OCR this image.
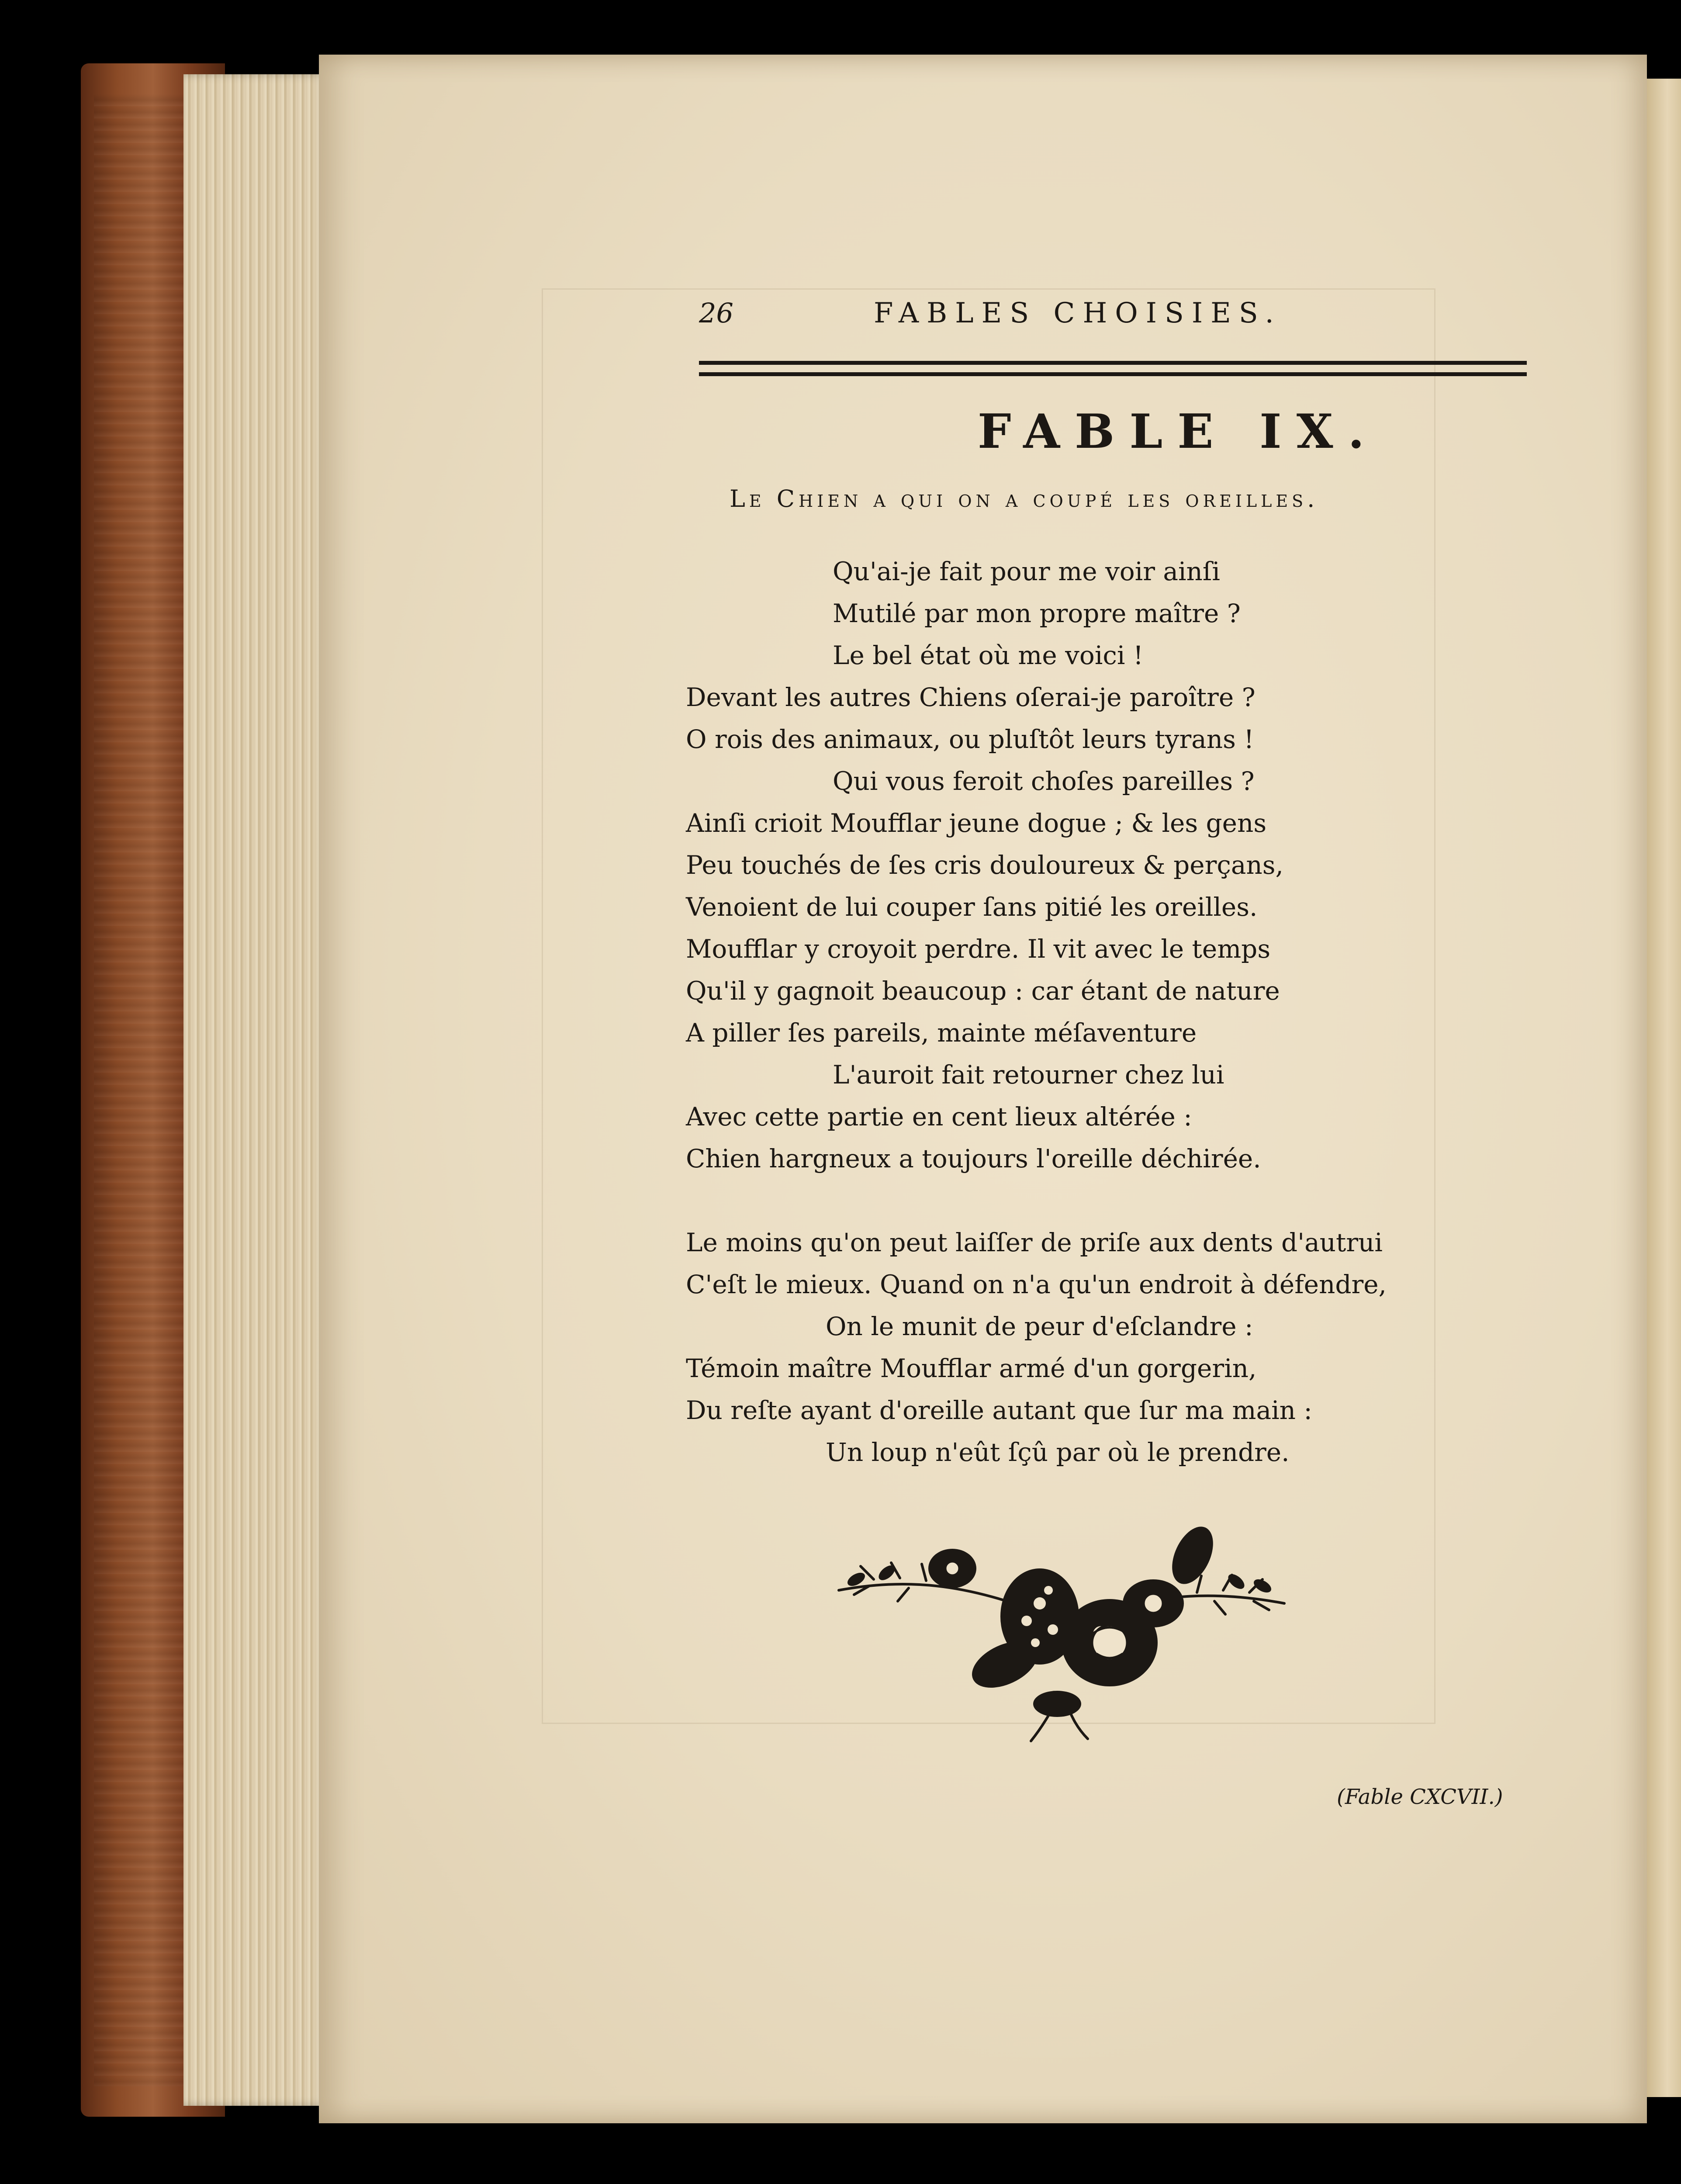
26	FABLES CHOISIES.
FABLE IX.
Le Chien a qui on a coupé les oreilles.
Qu'ai-je fait pour me voir ainſi
Mutilé par mon propre maître ?
Le bel état où me voici !
Devant les autres Chiens oſerai-je paroître ?
O rois des animaux, ou pluſtôt leurs tyrans !
Qui vous feroit choſes pareilles ?
Ainſi crioit Moufflar jeune dogue ; & les gens
Peu touchés de ſes cris douloureux & perçans,
Venoient de lui couper ſans pitié les oreilles.
Moufflar y croyoit perdre. Il vit avec le temps
Qu'il y gagnoit beaucoup : car étant de nature
A piller ſes pareils, mainte méſaventure
L'auroit fait retourner chez lui
Avec cette partie en cent lieux altérée :
Chien hargneux a toujours l'oreille déchirée.
Le moins qu'on peut laiſſer de priſe aux dents d'autrui
C'eſt le mieux. Quand on n'a qu'un endroit à défendre,
On le munit de peur d'eſclandre :
Témoin maître Moufflar armé d'un gorgerin,
Du reſte ayant d'oreille autant que ſur ma main :
Un loup n'eût ſçû par où le prendre.
(Fable CXCVII.)
